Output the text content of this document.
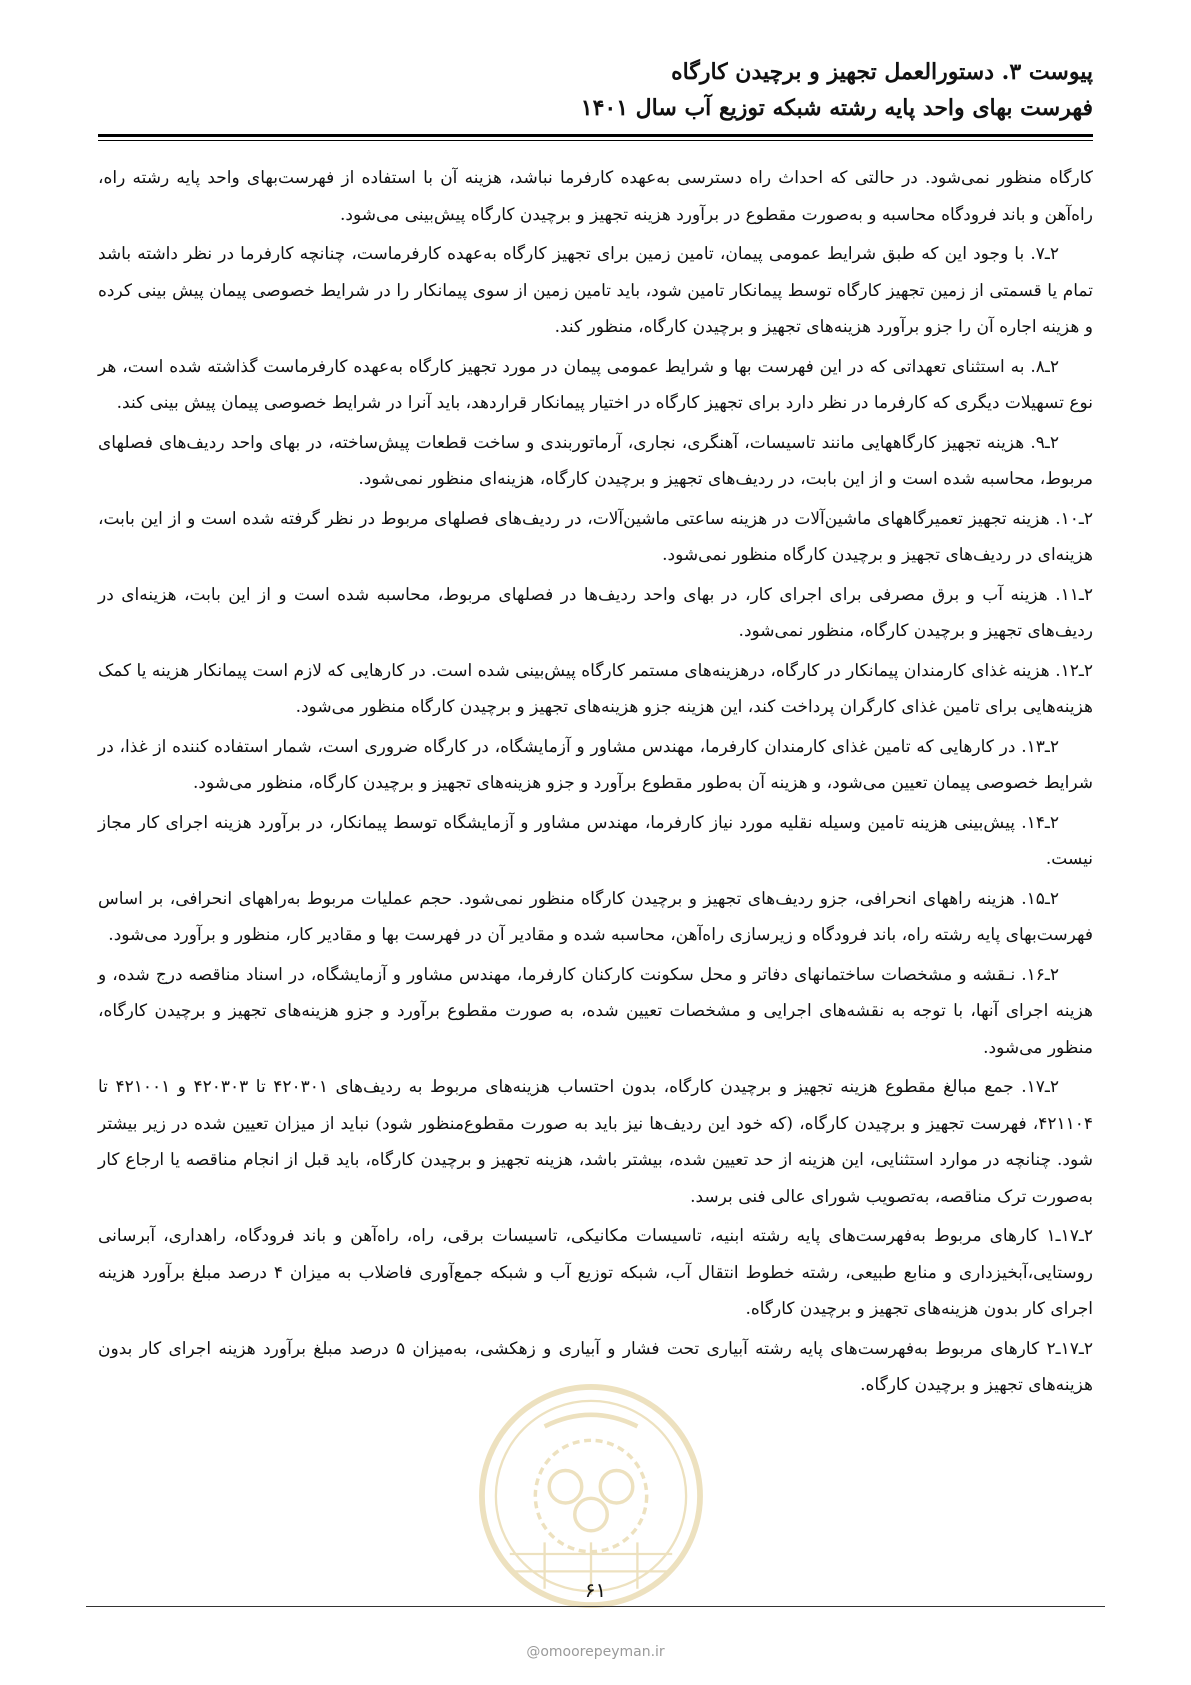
پیوست ۳. دستورالعمل تجهیز و برچیدن کارگاه
فهرست بهای واحد پایه رشته شبکه توزیع آب سال ۱۴۰۱

کارگاه منظور نمی‌شود. در حالتی که احداث راه دسترسی به‌عهده کارفرما نباشد، هزینه آن با استفاده از فهرست‌بهای واحد پایه رشته راه، راه‌آهن و باند فرودگاه محاسبه و به‌صورت مقطوع در برآورد هزینه تجهیز و برچیدن کارگاه پیش‌بینی می‌شود.

۲ـ۷. با وجود این که طبق شرایط عمومی پیمان، تامین زمین برای تجهیز کارگاه به‌عهده کارفرماست، چنانچه کارفرما در نظر داشته باشد تمام یا قسمتی از زمین تجهیز کارگاه توسط پیمانکار تامین شود، باید تامین زمین از سوی پیمانکار را در شرایط خصوصی پیمان پیش بینی کرده و هزینه اجاره آن را جزو برآورد هزینه‌های تجهیز و برچیدن کارگاه، منظور کند.

۲ـ۸. به استثنای تعهداتی که در این فهرست بها و شرایط عمومی پیمان در مورد تجهیز کارگاه به‌عهده کارفرماست گذاشته شده است، هر نوع تسهیلات دیگری که کارفرما در نظر دارد برای تجهیز کارگاه در اختیار پیمانکار قراردهد، باید آنرا در شرایط خصوصی پیمان پیش بینی کند.

۲ـ۹. هزینه تجهیز کارگاههایی مانند تاسیسات، آهنگری، نجاری، آرماتوربندی و ساخت قطعات پیش‌ساخته، در بهای واحد ردیف‌های فصلهای مربوط، محاسبه شده است و از این بابت، در ردیف‌های تجهیز و برچیدن کارگاه، هزینه‌ای منظور نمی‌شود.

۲ـ۱۰. هزینه تجهیز تعمیرگاههای ماشین‌آلات در هزینه ساعتی ماشین‌آلات، در ردیف‌های فصلهای مربوط در نظر گرفته شده است و از این بابت، هزینه‌ای در ردیف‌های تجهیز و برچیدن کارگاه منظور نمی‌شود.

۲ـ۱۱. هزینه آب و برق مصرفی برای اجرای کار، در بهای واحد ردیف‌ها در فصلهای مربوط، محاسبه شده است و از این بابت، هزینه‌ای در ردیف‌های تجهیز و برچیدن کارگاه، منظور نمی‌شود.

۲ـ۱۲. هزینه غذای کارمندان پیمانکار در کارگاه، درهزینه‌های مستمر کارگاه پیش‌بینی شده است. در کارهایی که لازم است پیمانکار هزینه یا کمک هزینه‌هایی برای تامین غذای کارگران پرداخت کند، این هزینه جزو هزینه‌های تجهیز و برچیدن کارگاه منظور می‌شود.

۲ـ۱۳. در کارهایی که تامین غذای کارمندان کارفرما، مهندس مشاور و آزمایشگاه، در کارگاه ضروری است، شمار استفاده کننده از غذا، در شرایط خصوصی پیمان تعیین می‌شود، و هزینه آن به‌طور مقطوع برآورد و جزو هزینه‌های تجهیز و برچیدن کارگاه، منظور می‌شود.

۲ـ۱۴. پیش‌بینی هزینه تامین وسیله نقلیه مورد نیاز کارفرما، مهندس مشاور و آزمایشگاه توسط پیمانکار، در برآورد هزینه اجرای کار مجاز نیست.

۲ـ۱۵. هزینه راههای انحرافی، جزو ردیف‌های تجهیز و برچیدن کارگاه منظور نمی‌شود. حجم عملیات مربوط به‌راههای انحرافی، بر اساس فهرست‌بهای پایه رشته راه، باند فرودگاه و زیرسازی راه‌آهن، محاسبه شده و مقادیر آن در فهرست بها و مقادیر کار، منظور و برآورد می‌شود.

۲ـ۱۶. نـقشه و مشخصات ساختمانهای دفاتر و محل سکونت کارکنان کارفرما، مهندس مشاور و آزمایشگاه، در اسناد مناقصه درج شده، و هزینه اجرای آنها، با توجه به نقشه‌های اجرایی و مشخصات تعیین شده، به صورت مقطوع برآورد و جزو هزینه‌های تجهیز و برچیدن کارگاه، منظور می‌شود.

۲ـ۱۷. جمع مبالغ مقطوع هزینه تجهیز و برچیدن کارگاه، بدون احتساب هزینه‌های مربوط به ردیف‌های ۴۲۰۳۰۱ تا ۴۲۰۳۰۳ و ۴۲۱۰۰۱ تا ۴۲۱۱۰۴، فهرست تجهیز و برچیدن کارگاه، (که خود این ردیف‌ها نیز باید به صورت مقطوع‌منظور شود) نباید از میزان تعیین شده در زیر بیشتر شود. چنانچه در موارد استثنایی، این هزینه از حد تعیین شده، بیشتر باشد، هزینه تجهیز و برچیدن کارگاه، باید قبل از انجام مناقصه یا ارجاع کار به‌صورت ترک مناقصه، به‌تصویب شورای عالی فنی برسد.

۲ـ۱۷ـ۱ کارهای مربوط به‌فهرست‌های پایه رشته ابنیه، تاسیسات مکانیکی، تاسیسات برقی، راه، راه‌آهن و باند فرودگاه، راهداری، آبرسانی روستایی،آبخیزداری و منابع طبیعی، رشته خطوط انتقال آب، شبکه توزیع آب و شبکه جمع‌آوری فاضلاب به میزان ۴ درصد مبلغ برآورد هزینه اجرای کار بدون هزینه‌های تجهیز و برچیدن کارگاه.

۲ـ۱۷ـ۲ کارهای مربوط به‌فهرست‌های پایه رشته آبیاری تحت فشار و آبیاری و زهکشی، به‌میزان ۵ درصد مبلغ برآورد هزینه اجرای کار بدون هزینه‌های تجهیز و برچیدن کارگاه.

۶۱
@omoorepeyman.ir
